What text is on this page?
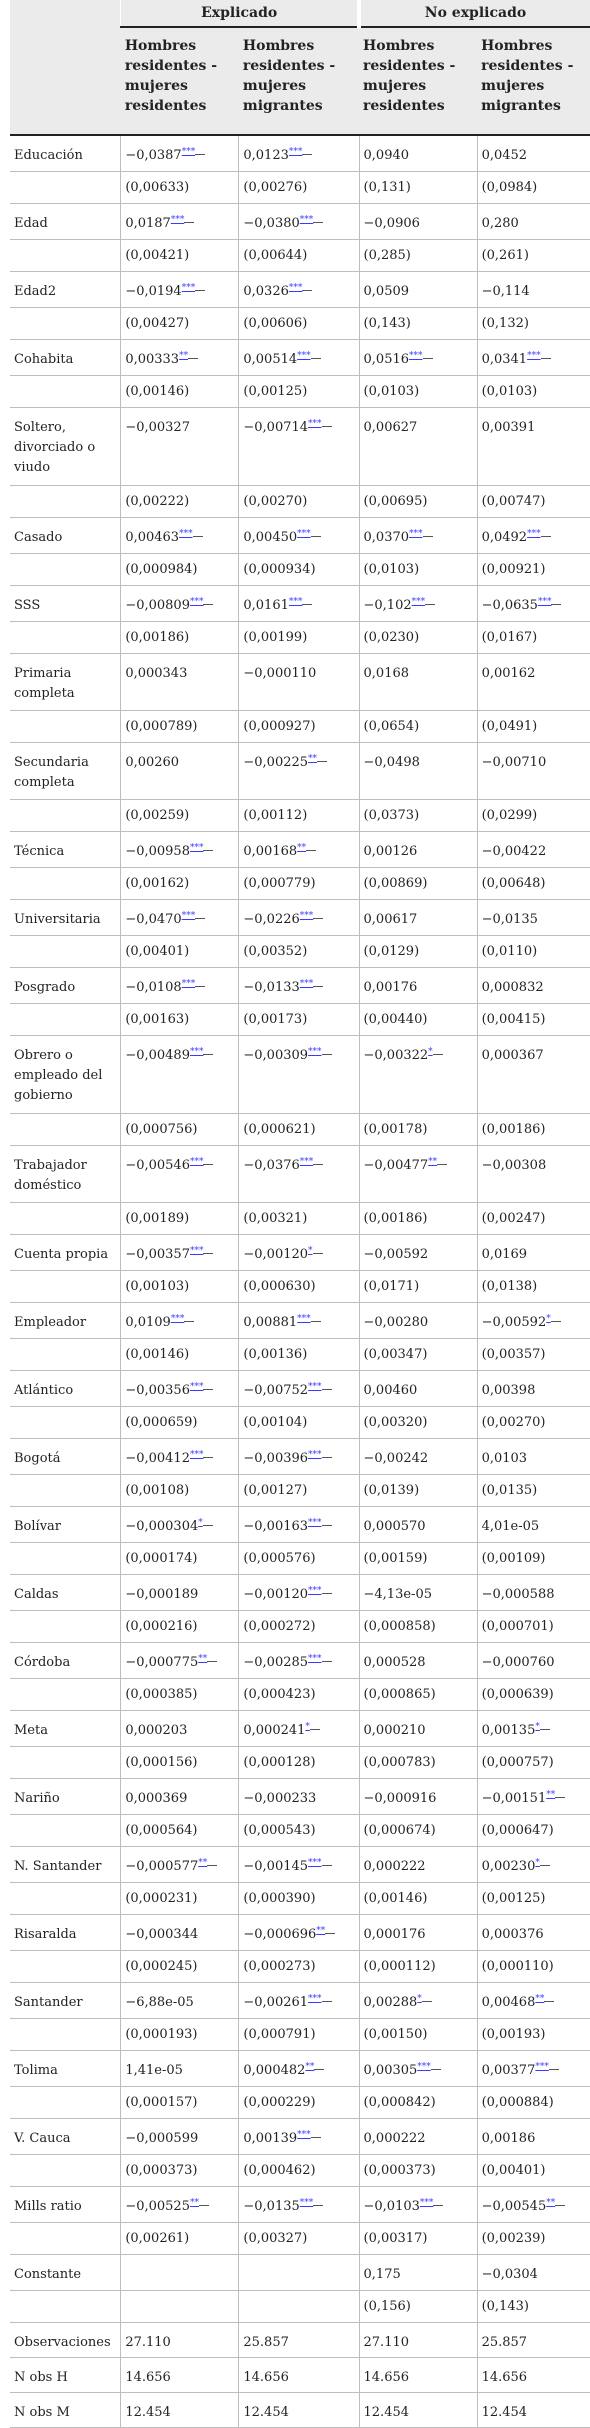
	Explicado		No explicado	
	Hombres residentes - mujeres residentes	Hombres residentes - mujeres migrantes	Hombres residentes - mujeres residentes	Hombres residentes - mujeres migrantes
Educación	−0,0387***	0,0123***	0,0940	0,0452
	(0,00633)	(0,00276)	(0,131)	(0,0984)
Edad	0,0187***	−0,0380***	−0,0906	0,280
	(0,00421)	(0,00644)	(0,285)	(0,261)
Edad2	−0,0194***	0,0326***	0,0509	−0,114
	(0,00427)	(0,00606)	(0,143)	(0,132)
Cohabita	0,00333**	0,00514***	0,0516***	0,0341***
	(0,00146)	(0,00125)	(0,0103)	(0,0103)
Soltero, divorciado o viudo	−0,00327	−0,00714***	0,00627	0,00391
	(0,00222)	(0,00270)	(0,00695)	(0,00747)
Casado	0,00463***	0,00450***	0,0370***	0,0492***
	(0,000984)	(0,000934)	(0,0103)	(0,00921)
SSS	−0,00809***	0,0161***	−0,102***	−0,0635***
	(0,00186)	(0,00199)	(0,0230)	(0,0167)
Primaria completa	0,000343	−0,000110	0,0168	0,00162
	(0,000789)	(0,000927)	(0,0654)	(0,0491)
Secundaria completa	0,00260	−0,00225**	−0,0498	−0,00710
	(0,00259)	(0,00112)	(0,0373)	(0,0299)
Técnica	−0,00958***	0,00168**	0,00126	−0,00422
	(0,00162)	(0,000779)	(0,00869)	(0,00648)
Universitaria	−0,0470***	−0,0226***	0,00617	−0,0135
	(0,00401)	(0,00352)	(0,0129)	(0,0110)
Posgrado	−0,0108***	−0,0133***	0,00176	0,000832
	(0,00163)	(0,00173)	(0,00440)	(0,00415)
Obrero o empleado del gobierno	−0,00489***	−0,00309***	−0,00322*	0,000367
	(0,000756)	(0,000621)	(0,00178)	(0,00186)
Trabajador doméstico	−0,00546***	−0,0376***	−0,00477**	−0,00308
	(0,00189)	(0,00321)	(0,00186)	(0,00247)
Cuenta propia	−0,00357***	−0,00120*	−0,00592	0,0169
	(0,00103)	(0,000630)	(0,0171)	(0,0138)
Empleador	0,0109***	0,00881***	−0,00280	−0,00592*
	(0,00146)	(0,00136)	(0,00347)	(0,00357)
Atlántico	−0,00356***	−0,00752***	0,00460	0,00398
	(0,000659)	(0,00104)	(0,00320)	(0,00270)
Bogotá	−0,00412***	−0,00396***	−0,00242	0,0103
	(0,00108)	(0,00127)	(0,0139)	(0,0135)
Bolívar	−0,000304*	−0,00163***	0,000570	4,01e-05
	(0,000174)	(0,000576)	(0,00159)	(0,00109)
Caldas	−0,000189	−0,00120***	−4,13e-05	−0,000588
	(0,000216)	(0,000272)	(0,000858)	(0,000701)
Córdoba	−0,000775**	−0,00285***	0,000528	−0,000760
	(0,000385)	(0,000423)	(0,000865)	(0,000639)
Meta	0,000203	0,000241*	0,000210	0,00135*
	(0,000156)	(0,000128)	(0,000783)	(0,000757)
Nariño	0,000369	−0,000233	−0,000916	−0,00151**
	(0,000564)	(0,000543)	(0,000674)	(0,000647)
N. Santander	−0,000577**	−0,00145***	0,000222	0,00230*
	(0,000231)	(0,000390)	(0,00146)	(0,00125)
Risaralda	−0,000344	−0,000696**	0,000176	0,000376
	(0,000245)	(0,000273)	(0,000112)	(0,000110)
Santander	−6,88e-05	−0,00261***	0,00288*	0,00468**
	(0,000193)	(0,000791)	(0,00150)	(0,00193)
Tolima	1,41e-05	0,000482**	0,00305***	0,00377***
	(0,000157)	(0,000229)	(0,000842)	(0,000884)
V. Cauca	−0,000599	0,00139***	0,000222	0,00186
	(0,000373)	(0,000462)	(0,000373)	(0,00401)
Mills ratio	−0,00525**	−0,0135***	−0,0103***	−0,00545**
	(0,00261)	(0,00327)	(0,00317)	(0,00239)
Constante			0,175	−0,0304
			(0,156)	(0,143)
Observaciones	27.110	25.857	27.110	25.857
N obs H	14.656	14.656	14.656	14.656
N obs M	12.454	12.454	12.454	12.454
